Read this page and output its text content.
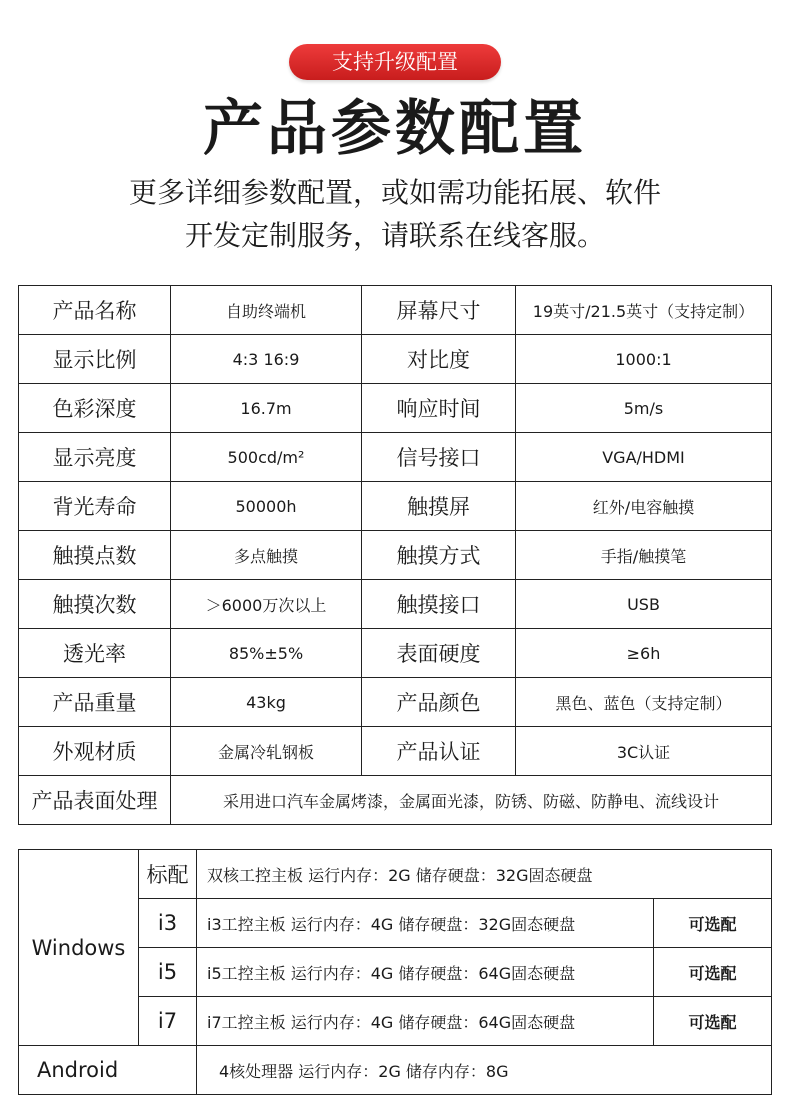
支持升级配置
产品参数配置
更多详细参数配置，或如需功能拓展、软件
开发定制服务，请联系在线客服。
产品名称	自助终端机	屏幕尺寸	19英寸/21.5英寸（支持定制）
显示比例	4:3 16:9	对比度	1000:1
色彩深度	16.7m	响应时间	5m/s
显示亮度	500cd/m²	信号接口	VGA/HDMI
背光寿命	50000h	触摸屏	红外/电容触摸
触摸点数	多点触摸	触摸方式	手指/触摸笔
触摸次数	＞6000万次以上	触摸接口	USB
透光率	85%±5%	表面硬度	≥6h
产品重量	43kg	产品颜色	黑色、蓝色（支持定制）
外观材质	金属冷轧钢板	产品认证	3C认证
产品表面处理	采用进口汽车金属烤漆，金属面光漆，防锈、防磁、防静电、流线设计		
Windows	标配	双核工控主板 运行内存：2G 储存硬盘：32G固态硬盘	
	i3	i3工控主板 运行内存：4G 储存硬盘：32G固态硬盘	可选配
	i5	i5工控主板 运行内存：4G 储存硬盘：64G固态硬盘	可选配
	i7	i7工控主板 运行内存：4G 储存硬盘：64G固态硬盘	可选配
Android		4核处理器 运行内存：2G 储存内存：8G	
